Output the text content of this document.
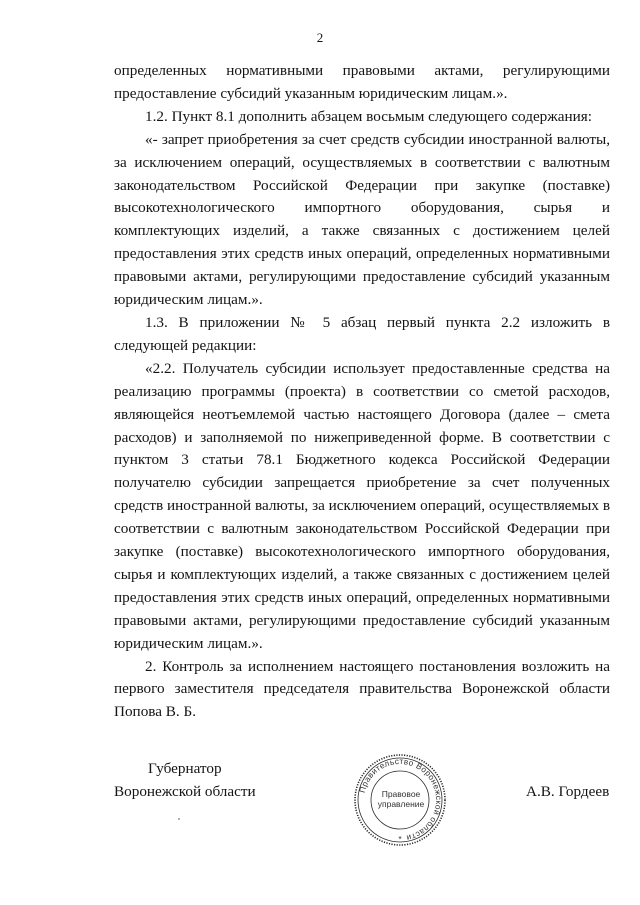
2

определенных нормативными правовыми актами, регулирующими предоставление субсидий указанным юридическим лицам.».

1.2. Пункт 8.1 дополнить абзацем восьмым следующего содержания:

«- запрет приобретения за счет средств субсидии иностранной валюты, за исключением операций, осуществляемых в соответствии с валютным законодательством Российской Федерации при закупке (поставке) высокотехнологического импортного оборудования, сырья и комплектующих изделий, а также связанных с достижением целей предоставления этих средств иных операций, определенных нормативными правовыми актами, регулирующими предоставление субсидий указанным юридическим лицам.».

1.3. В приложении № 5 абзац первый пункта 2.2 изложить в следующей редакции:

«2.2. Получатель субсидии использует предоставленные средства на реализацию программы (проекта) в соответствии со сметой расходов, являющейся неотъемлемой частью настоящего Договора (далее – смета расходов) и заполняемой по нижеприведенной форме. В соответствии с пунктом 3 статьи 78.1 Бюджетного кодекса Российской Федерации получателю субсидии запрещается приобретение за счет полученных средств иностранной валюты, за исключением операций, осуществляемых в соответствии с валютным законодательством Российской Федерации при закупке (поставке) высокотехнологического импортного оборудования, сырья и комплектующих изделий, а также связанных с достижением целей предоставления этих средств иных операций, определенных нормативными правовыми актами, регулирующими предоставление субсидий указанным юридическим лицам.».

2. Контроль за исполнением настоящего постановления возложить на первого заместителя председателя правительства Воронежской области Попова В. Б.

Губернатор
Воронежской области	Правительство Воронежской области
Правовое
управление
*
А.В. Гордеев
